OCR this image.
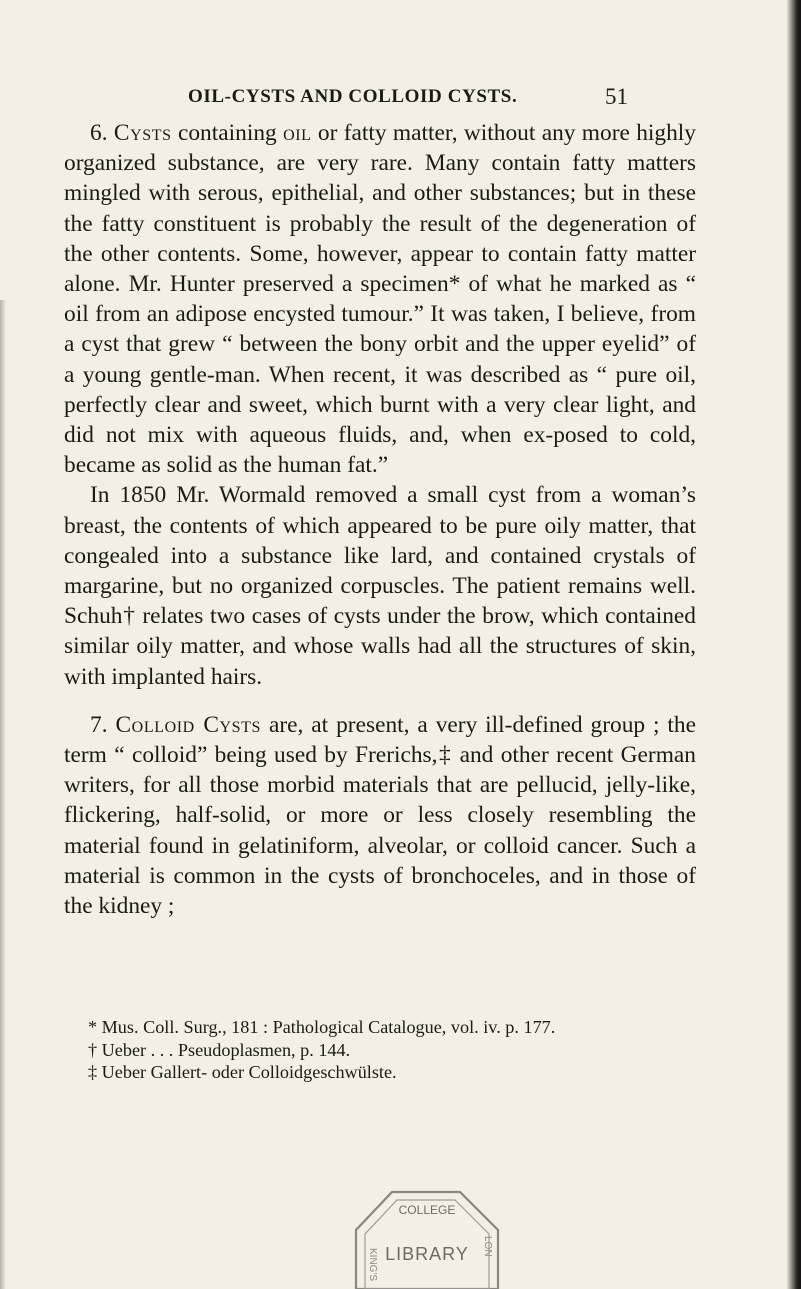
OIL-CYSTS AND COLLOID CYSTS.	51

6. Cysts containing oil or fatty matter, without any more highly organized substance, are very rare. Many contain fatty matters mingled with serous, epithelial, and other substances; but in these the fatty constituent is probably the result of the degeneration of the other contents. Some, however, appear to contain fatty matter alone. Mr. Hunter preserved a specimen* of what he marked as “ oil from an adipose encysted tumour.” It was taken, I believe, from a cyst that grew “ between the bony orbit and the upper eyelid” of a young gentle-man. When recent, it was described as “ pure oil, perfectly clear and sweet, which burnt with a very clear light, and did not mix with aqueous fluids, and, when ex-posed to cold, became as solid as the human fat.”

In 1850 Mr. Wormald removed a small cyst from a woman’s breast, the contents of which appeared to be pure oily matter, that congealed into a substance like lard, and contained crystals of margarine, but no organized corpuscles. The patient remains well. Schuh† relates two cases of cysts under the brow, which contained similar oily matter, and whose walls had all the structures of skin, with implanted hairs.

7. Colloid Cysts are, at present, a very ill-defined group ; the term “ colloid” being used by Frerichs,‡ and other recent German writers, for all those morbid materials that are pellucid, jelly-like, flickering, half-solid, or more or less closely resembling the material found in gelatiniform, alveolar, or colloid cancer. Such a material is common in the cysts of bronchoceles, and in those of the kidney ;

* Mus. Coll. Surg., 181 : Pathological Catalogue, vol. iv. p. 177.
† Ueber . . . Pseudoplasmen, p. 144.
‡ Ueber Gallert- oder Colloidgeschwülste.
COLLEGE
LIBRARY
KING'S
LON
